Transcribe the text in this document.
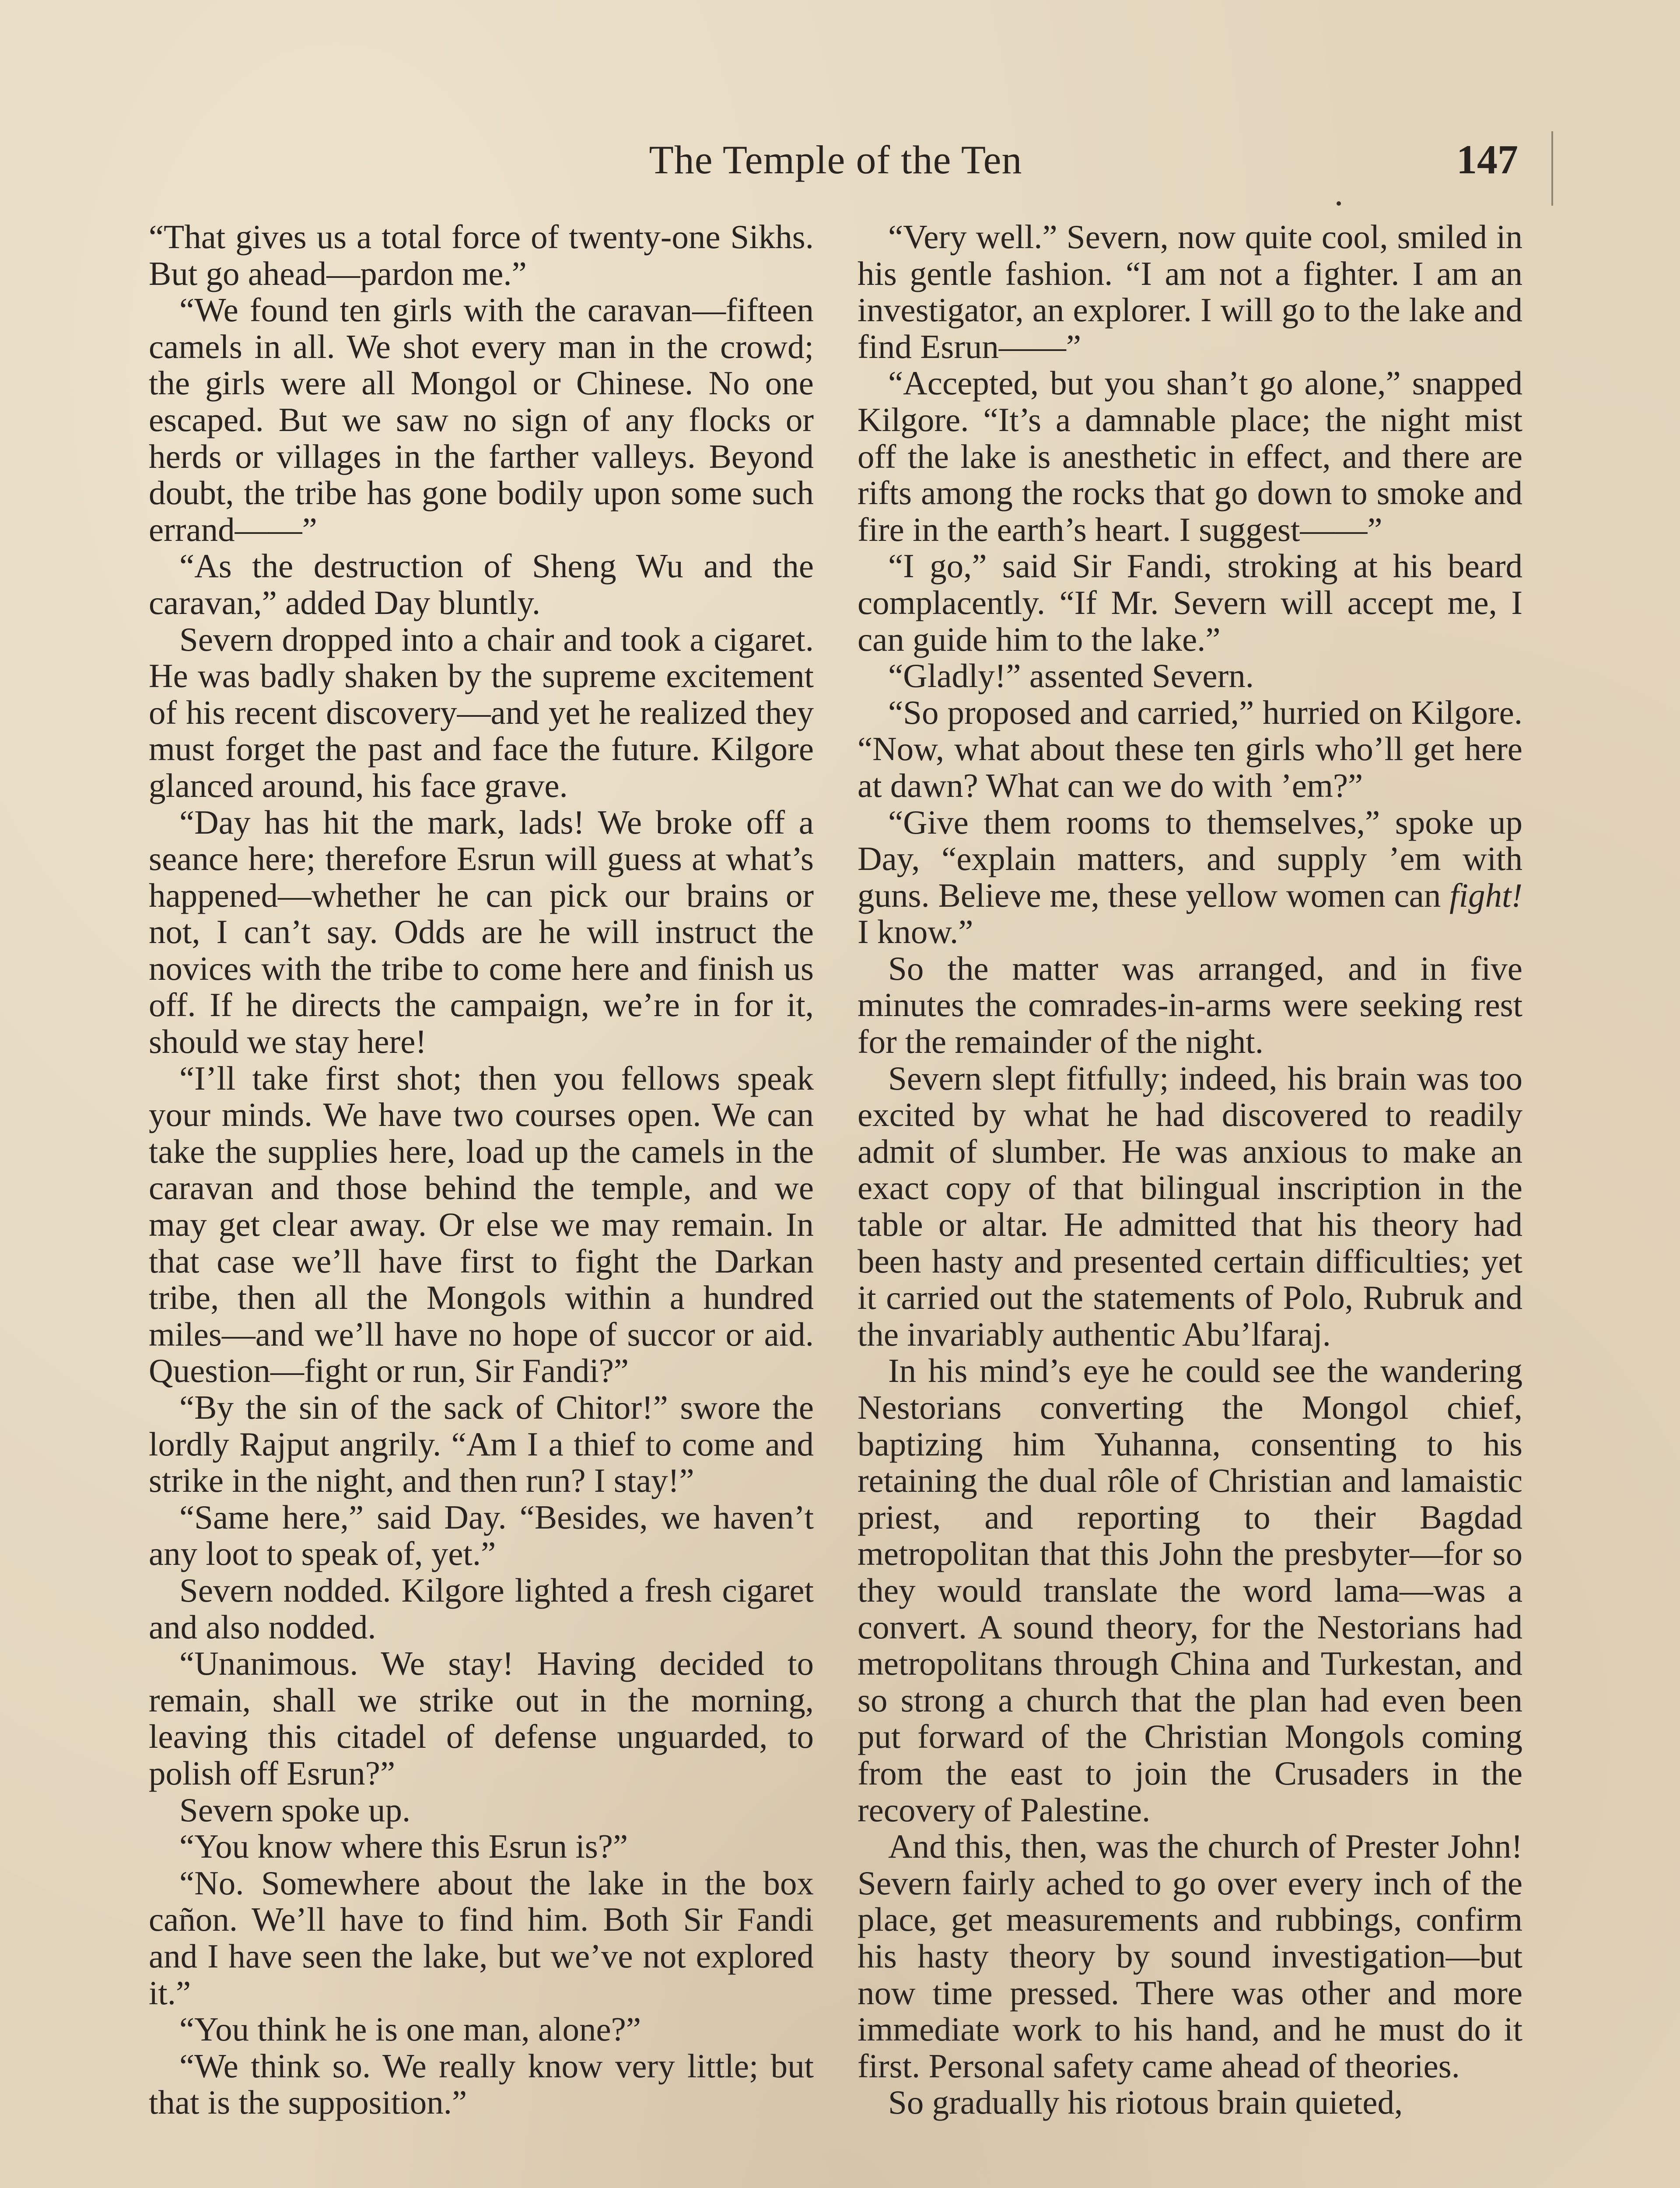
The Temple of the Ten	147

“That gives us a total force of twenty-one Sikhs. But go ahead—pardon me.”

“We found ten girls with the caravan—fifteen camels in all. We shot every man in the crowd; the girls were all Mongol or Chinese. No one escaped. But we saw no sign of any flocks or herds or villages in the farther valleys. Beyond doubt, the tribe has gone bodily upon some such errand——”

“As the destruction of Sheng Wu and the caravan,” added Day bluntly.

Severn dropped into a chair and took a cigaret. He was badly shaken by the supreme excitement of his recent discovery—and yet he realized they must forget the past and face the future. Kilgore glanced around, his face grave.

“Day has hit the mark, lads! We broke off a seance here; therefore Esrun will guess at what’s happened—whether he can pick our brains or not, I can’t say. Odds are he will instruct the novices with the tribe to come here and finish us off. If he directs the campaign, we’re in for it, should we stay here!

“I’ll take first shot; then you fellows speak your minds. We have two courses open. We can take the supplies here, load up the camels in the caravan and those behind the temple, and we may get clear away. Or else we may remain. In that case we’ll have first to fight the Darkan tribe, then all the Mongols within a hundred miles—and we’ll have no hope of succor or aid. Question—fight or run, Sir Fandi?”

“By the sin of the sack of Chitor!” swore the lordly Rajput angrily. “Am I a thief to come and strike in the night, and then run? I stay!”

“Same here,” said Day. “Besides, we haven’t any loot to speak of, yet.”

Severn nodded. Kilgore lighted a fresh cigaret and also nodded.

“Unanimous. We stay! Having decided to remain, shall we strike out in the morning, leaving this citadel of defense unguarded, to polish off Esrun?”

Severn spoke up.

“You know where this Esrun is?”

“No. Somewhere about the lake in the box cañon. We’ll have to find him. Both Sir Fandi and I have seen the lake, but we’ve not explored it.”

“You think he is one man, alone?”

“We think so. We really know very little; but that is the supposition.”

“Very well.” Severn, now quite cool, smiled in his gentle fashion. “I am not a fighter. I am an investigator, an explorer. I will go to the lake and find Esrun——”

“Accepted, but you shan’t go alone,” snapped Kilgore. “It’s a damnable place; the night mist off the lake is anesthetic in effect, and there are rifts among the rocks that go down to smoke and fire in the earth’s heart. I suggest——”

“I go,” said Sir Fandi, stroking at his beard complacently. “If Mr. Severn will accept me, I can guide him to the lake.”

“Gladly!” assented Severn.

“So proposed and carried,” hurried on Kilgore. “Now, what about these ten girls who’ll get here at dawn? What can we do with ’em?”

“Give them rooms to themselves,” spoke up Day, “explain matters, and supply ’em with guns. Believe me, these yellow women can fight! I know.”

So the matter was arranged, and in five minutes the comrades-in-arms were seeking rest for the remainder of the night.

Severn slept fitfully; indeed, his brain was too excited by what he had discovered to readily admit of slumber. He was anxious to make an exact copy of that bilingual inscription in the table or altar. He admitted that his theory had been hasty and presented certain difficulties; yet it carried out the statements of Polo, Rubruk and the invariably authentic Abu’lfaraj.

In his mind’s eye he could see the wandering Nestorians converting the Mongol chief, baptizing him Yuhanna, consenting to his retaining the dual rôle of Christian and lamaistic priest, and reporting to their Bagdad metropolitan that this John the presbyter—for so they would translate the word lama—was a convert. A sound theory, for the Nestorians had metropolitans through China and Turkestan, and so strong a church that the plan had even been put forward of the Christian Mongols coming from the east to join the Crusaders in the recovery of Palestine.

And this, then, was the church of Prester John! Severn fairly ached to go over every inch of the place, get measurements and rubbings, confirm his hasty theory by sound investigation—but now time pressed. There was other and more immediate work to his hand, and he must do it first. Personal safety came ahead of theories.

So gradually his riotous brain quieted,
